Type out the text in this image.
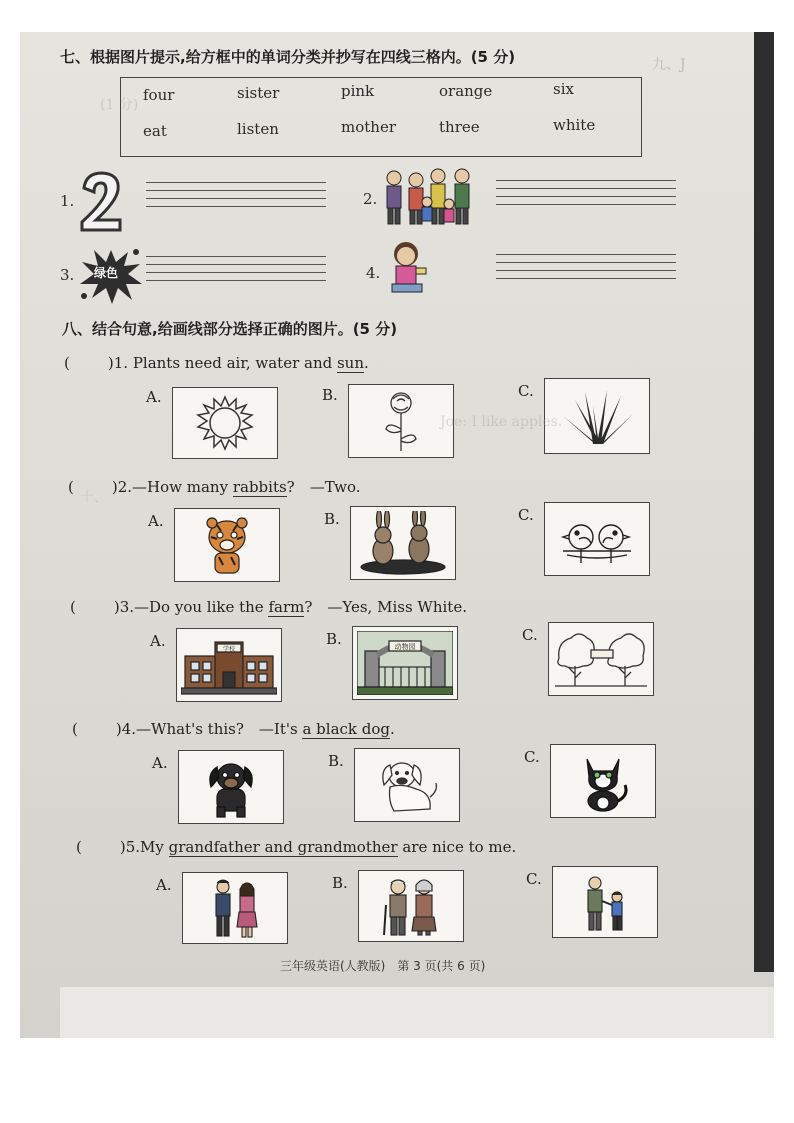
七、根据图片提示,给方框中的单词分类并抄写在四线三格内。(5 分)
four	sister	pink	orange	six
eat	listen	mother	three	white
1.	2.
3. 绿色	4.
九、J
(1 分)
八、结合句意,给画线部分选择正确的图片。(5 分)
(	)1. Plants need air, water and sun.
A.	B.	C.
(	)2.—How many rabbits?　—Two.
A.	B.	C.
(	)3.—Do you like the farm?　—Yes, Miss White.
A.	学校
B.	动物园
C.
(	)4.—What's this?　—It's a black dog.
A.	B.	C.
(	)5.My grandfather and grandmother are nice to me.
A.	B.	C.
Joe: I like apples.
十、
三年级英语(人教版)　第 3 页(共 6 页)
